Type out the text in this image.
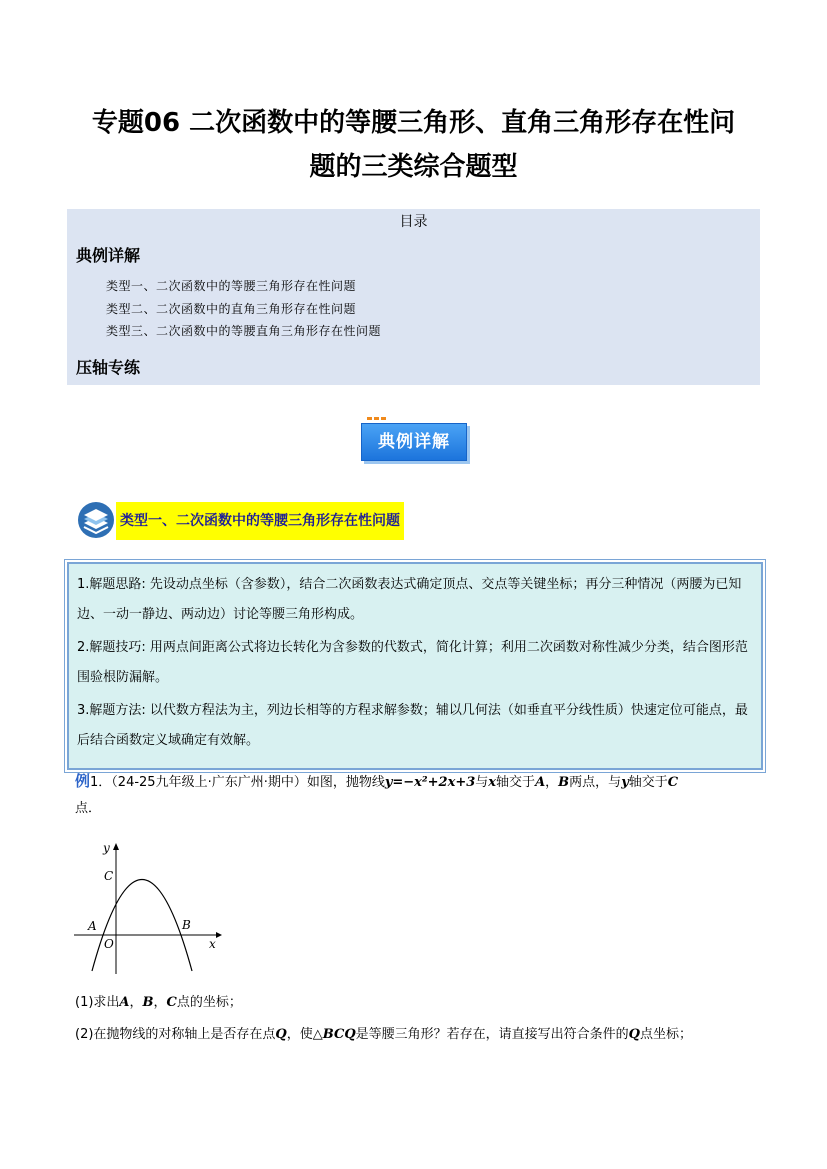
专题06 二次函数中的等腰三角形、直角三角形存在性问
题的三类综合题型
目录
典例详解
类型一、二次函数中的等腰三角形存在性问题
类型二、二次函数中的直角三角形存在性问题
类型三、二次函数中的等腰直角三角形存在性问题
压轴专练
典例详解
类型一、二次函数中的等腰三角形存在性问题

1.解题思路: 先设动点坐标（含参数），结合二次函数表达式确定顶点、交点等关键坐标；再分三种情况（两腰为已知边、一动一静边、两动边）讨论等腰三角形构成。

2.解题技巧: 用两点间距离公式将边长转化为含参数的代数式，简化计算；利用二次函数对称性减少分类，结合图形范围验根防漏解。

3.解题方法: 以代数方程法为主，列边长相等的方程求解参数；辅以几何法（如垂直平分线性质）快速定位可能点，最后结合函数定义域确定有效解。

例1．（24-25九年级上·广东广州·期中）如图，抛物线y=−x²+2x+3与x轴交于A，B两点，与y轴交于C
点．
y
x
C
A	B
O
(1)求出A，B，C点的坐标；
(2)在抛物线的对称轴上是否存在点Q，使△BCQ是等腰三角形？若存在，请直接写出符合条件的Q点坐标；
